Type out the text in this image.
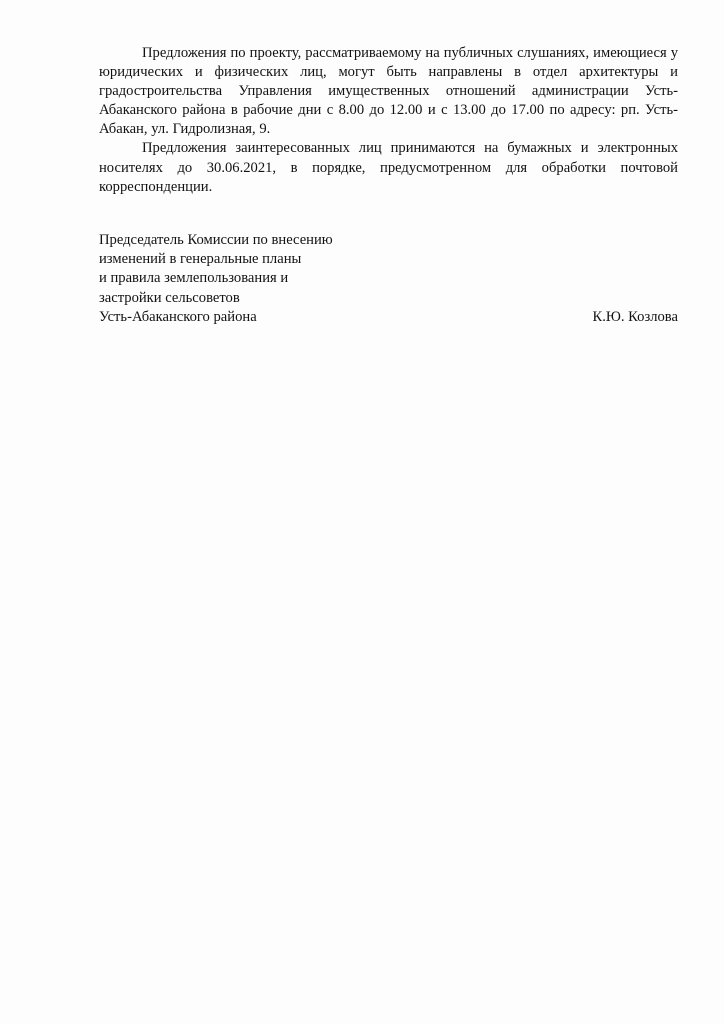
Предложения по проекту, рассматриваемому на публичных слушаниях, имеющиеся у юридических и физических лиц, могут быть направлены в отдел архитектуры и градостроительства Управления имущественных отношений администрации Усть-Абаканского района в рабочие дни с 8.00 до 12.00 и с 13.00 до 17.00 по адресу: рп. Усть-Абакан, ул. Гидролизная, 9.

Предложения заинтересованных лиц принимаются на бумажных и электронных носителях до 30.06.2021, в порядке, предусмотренном для обработки почтовой корреспонденции.

Председатель Комиссии по внесению
изменений в генеральные планы
и правила землепользования и
застройки сельсоветов
Усть-Абаканского района	К.Ю. Козлова
